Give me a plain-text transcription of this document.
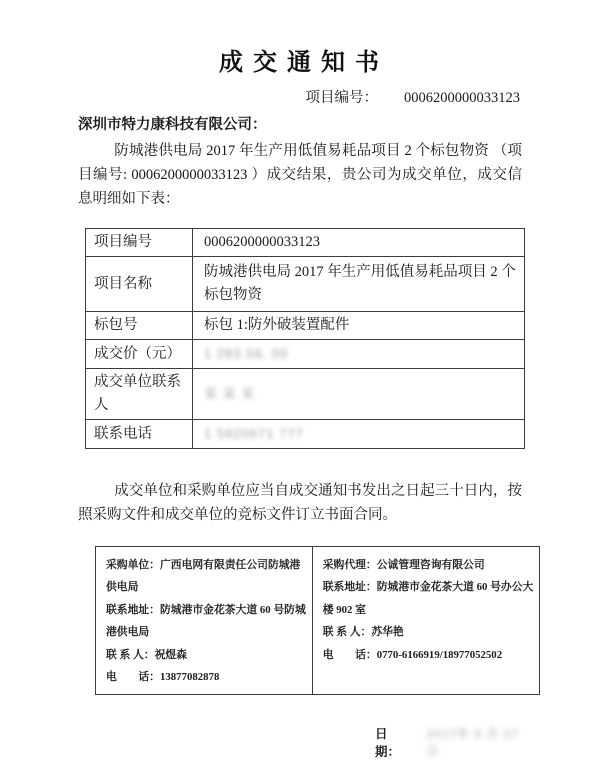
成 交 通 知 书
项目编号： 0006200000033123
深圳市特力康科技有限公司：
防城港供电局 2017 年生产用低值易耗品项目 2 个标包物资 （项目编号: 0006200000033123 ）成交结果，贵公司为成交单位，成交信息明细如下表：
项目编号	0006200000033123
项目名称	防城港供电局 2017 年生产用低值易耗品项目 2 个标包物资
标包号	标包 1:防外破装置配件
成交价（元）	1 283.56. 00
成交单位联系人	某 某 某
联系电话	1 5920671 777
成交单位和采购单位应当自成交通知书发出之日起三十日内，按照采购文件和成交单位的竞标文件订立书面合同。
采购单位：广西电网有限责任公司防城港
供电局
联系地址：防城港市金花茶大道 60 号防城
港供电局
联 系 人：祝煜森
电　　话：13877082878

采购代理：公诚管理咨询有限公司
联系地址：防城港市金花茶大道 60 号办公大
楼 902 室
联 系 人：苏华艳
电　　话：0770-6166919/18977052502
日　期：
2017年 8 月 27 日
